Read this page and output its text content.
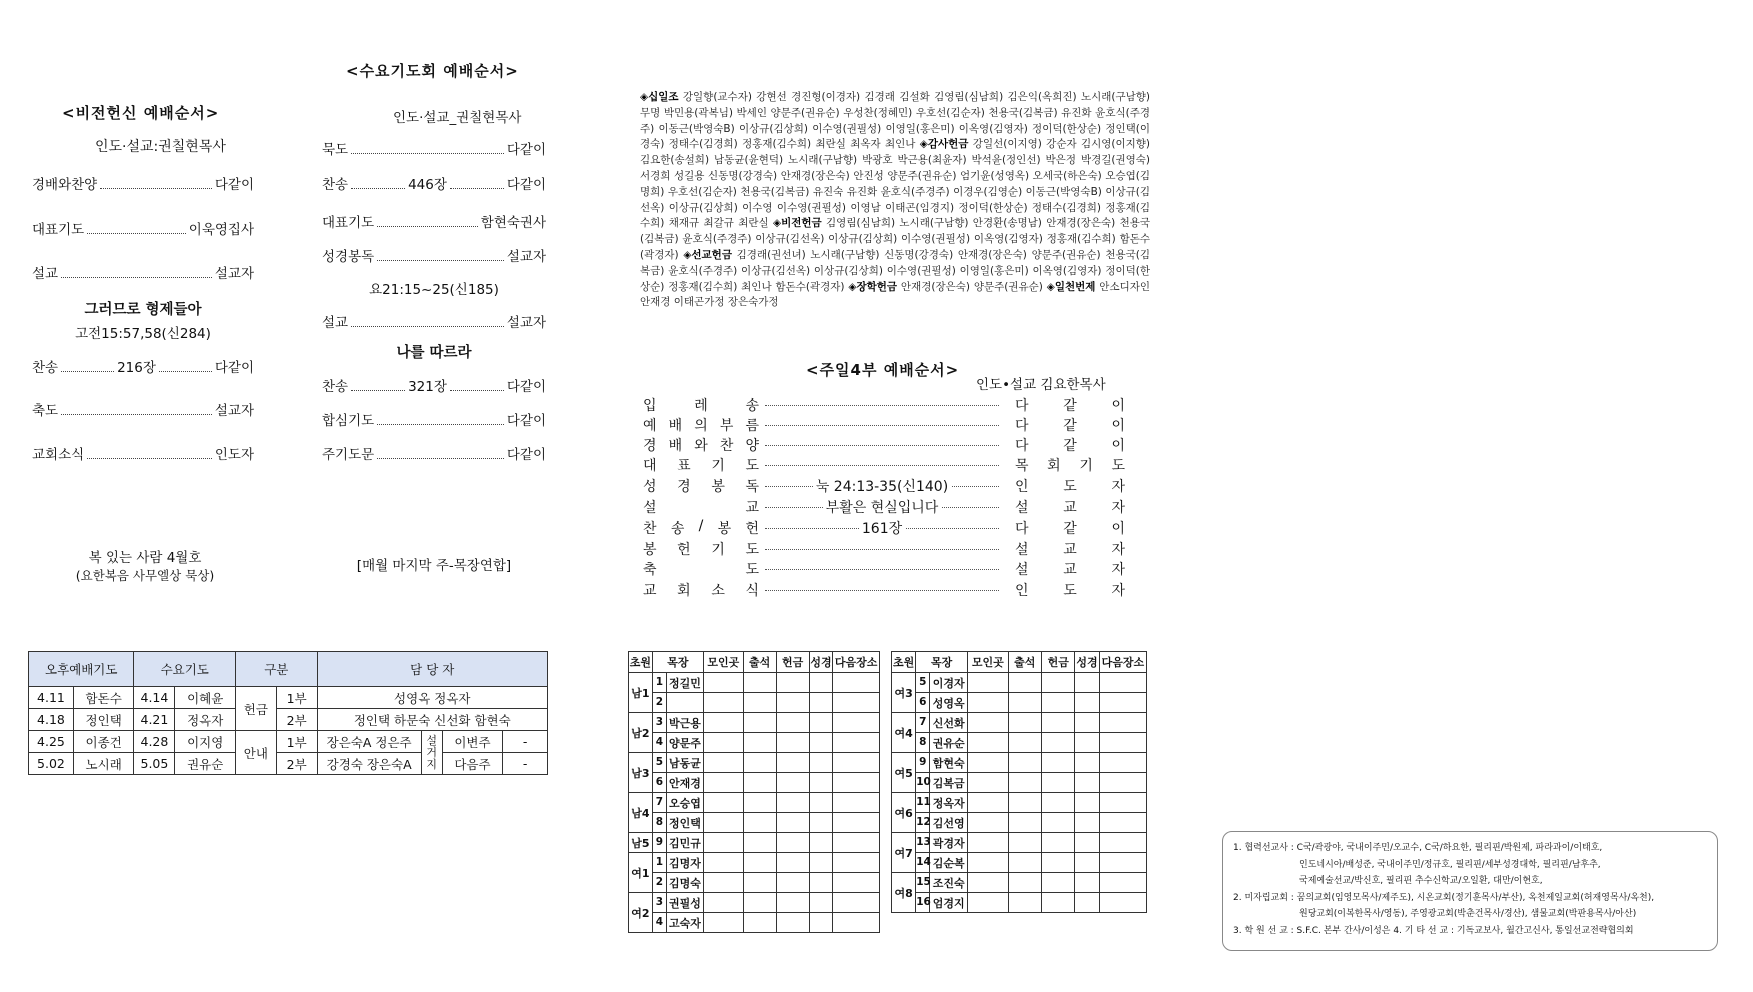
<비전헌신 예배순서>
인도·설교:권칠현목사
경배와찬양	다같이
대표기도	이욱영집사
설교	설교자
그러므로 형제들아
고전15:57,58(신284)
찬송	216장	다같이
축도	설교자
교회소식	인도자
복 있는 사람 4월호
(요한복음 사무엘상 묵상)
<수요기도회 예배순서>
인도·설교_권칠현목사
묵도	다같이
찬송	446장	다같이
대표기도	함현숙권사
성경봉독	설교자
요21:15~25(신185)
설교	설교자
나를 따르라
찬송	321장	다같이
합심기도	다같이
주기도문	다같이
[매월 마지막 주-목장연합]
◈십일조 강일향(교수자) 강현선 경진형(이경자) 김경래 김설화 김영림(심남희) 김은익(옥희진) 노시래(구남향) 무명 박민용(곽복님) 박세인 양문주(권유순) 우성찬(정혜민) 우호선(김순자) 천용국(김복금) 유진화 윤호식(주경주) 이동근(박영숙B) 이상규(김상희) 이수영(권필성) 이영일(홍은미) 이옥영(김영자) 정이덕(한상순) 정인택(이경숙) 정태수(김경희) 정홍재(김수희) 최란실 최옥자 최인나 ◈감사헌금 강일선(이지영) 강순자 김시영(이지향) 김요한(송설희) 남동균(윤현덕) 노시래(구남향) 박광호 박근용(최윤자) 박석윤(정인선) 박은정 박경길(권영숙) 서경희 성길용 신동명(강경숙) 안재경(장은숙) 안진성 양문주(권유순) 엄기윤(성영옥) 오세국(하은숙) 오승엽(김명희) 우호선(김순자) 천용국(김복금) 유진숙 유진화 윤호식(주경주) 이경우(김영순) 이동근(박영숙B) 이상규(김선옥) 이상규(김상희) 이수영 이수영(권필성) 이영남 이태곤(임경지) 정이덕(한상순) 정태수(김경희) 정홍재(김수희) 채재규 최갈규 최란실 ◈비전헌금 김영림(심남희) 노시래(구남향) 안경환(송명남) 안재경(장은숙) 천용국(김복금) 윤호식(주경주) 이상규(김선옥) 이상규(김상희) 이수영(권필성) 이옥영(김영자) 정홍재(김수희) 함돈수(곽경자) ◈선교헌금 김경래(권선녀) 노시래(구남향) 신동명(강경숙) 안재경(장은숙) 양문주(권유순) 천용국(김복금) 윤호식(주경주) 이상규(김선옥) 이상규(김상희) 이수영(권필성) 이영일(홍은미) 이옥영(김영자) 정이덕(한상순) 정홍재(김수희) 최인나 함돈수(곽경자) ◈장학헌금 안재경(장은숙) 양문주(권유순) ◈일천번제 안소디자인 안재경 이태곤가정 장은숙가정
<주일4부 예배순서>
인도•설교 김요한목사
입	레	송	다 같 이
예 배 의 부 름	다 같 이
경 배 와 찬 양	다 같 이
대 표 기 도	목 회 기 도
성 경 봉 독	눅 24:13-35(신140)	인 도 자
설	교	부활은 현실입니다	설 교 자
찬 송 / 봉 헌	161장	다 같 이
봉 헌 기 도	설 교 자
축	도	설 교 자
교 회 소 식	인 도 자
오후예배기도		수요기도		구분		담 당 자			
4.11	함돈수	4.14	이혜윤	헌금	1부	성영옥 정옥자			
4.18	정인택	4.21	정옥자		2부	정인택 하문숙 신선화 함현숙			
4.25	이종건	4.28	이지영	안내	1부	장은숙A 정은주	설거지	이변주	-
5.02	노시래	5.05	권유순		2부	강경숙 장은숙A		다음주	-
초원	목장	모인곳	출석	헌금	성경	다음장소
남1	1 정길민					

	2					

남2	3 박근용					

	4 양문주					

남3	5 남동균					

	6 안재경					

남4	7 오승엽					

	8 정인택					

남5	9 김민규					

여1	1 김명자					

	2 김명숙					

여2	3 권필성					

	4 고숙자					

초원	목장	모인곳	출석	헌금	성경	다음장소
여3	5 이경자					

	6 성영옥					

여4	7 신선화					

	8 권유순					

여5	9 함현숙					

	10 김복금					

여6	11 정옥자					

	12 김선영					

여7	13 곽경자					

	14 김순복					

여8	15 조진숙					

	16 엄경지					

1. 협력선교사 : C국/곽광야, 국내이주민/오교수, C국/하요한, 필리핀/박원제, 파라과이/이태호,
인도네시아/배성준, 국내이주민/정규호, 필리핀/세부성경대학, 필리핀/남후추,
국제예술선교/박신호, 필리핀 추수신학교/오일환, 대만/이현호,
2. 미자립교회 : 꿈의교회(임영모목사/제주도), 시온교회(정기훈목사/부산), 옥천제일교회(허재영목사/옥천),
원당교회(이복한목사/영동), 주영광교회(박춘건목사/경산), 샘물교회(박판용목사/아산)
3. 학 원 선 교 : S.F.C. 본부 간사/이성은 4. 기 타 선 교 : 기독교보사, 월간고신사, 통일선교전략협의회
